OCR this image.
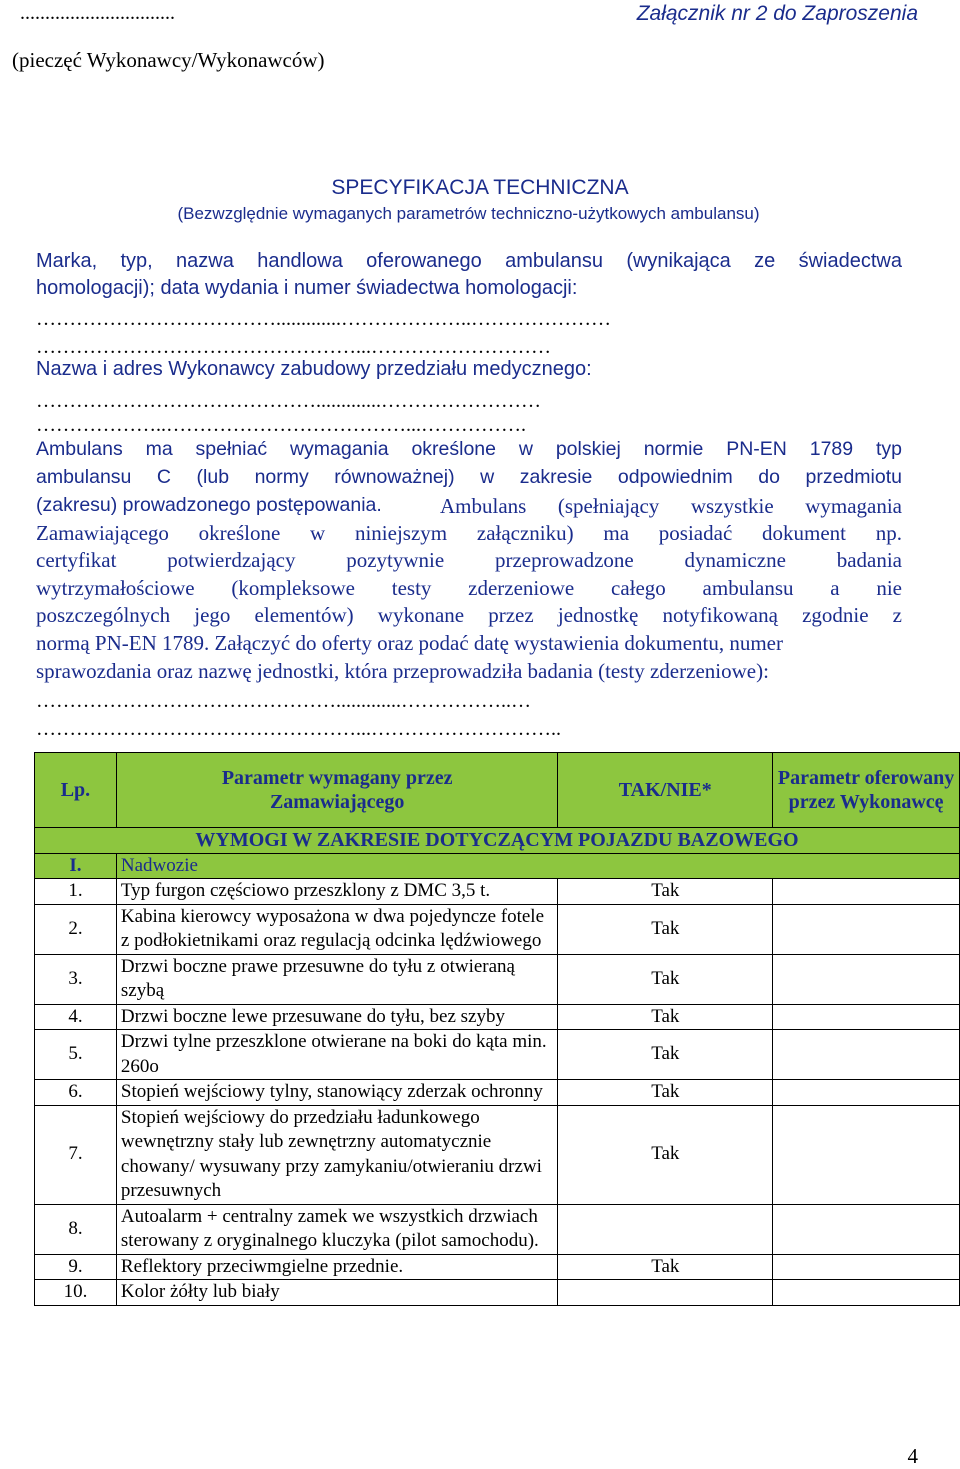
...............................
(pieczęć Wykonawcy/Wykonawców)
Załącznik nr 2 do Zaproszenia
SPECYFIKACJA TECHNICZNA
(Bezwzględnie wymaganych parametrów techniczno-użytkowych ambulansu)
Marka, typ, nazwa handlowa oferowanego ambulansu (wynikająca ze świadectwa
homologacji); data wydania i numer świadectwa homologacji:
……………………………….............………………..…………………
…………………………………………...………………………
Nazwa i adres Wykonawcy zabudowy przedziału medycznego:
…………………………………….............……………………
………………..………………………………...…………….
Ambulans ma spełniać wymagania określone w polskiej normie PN-EN 1789 typ
ambulansu C (lub normy równoważnej) w zakresie odpowiednim do przedmiotu
(zakresu) prowadzonego postępowania.	Ambulans (spełniający wszystkie wymagania
Zamawiającego określone w niniejszym załączniku) ma posiadać dokument np.
certyfikat potwierdzający pozytywnie przeprowadzone dynamiczne badania
wytrzymałościowe (kompleksowe testy zderzeniowe całego ambulansu a nie
poszczególnych jego elementów) wykonane przez jednostkę notyfikowaną zgodnie z
normą PN-EN 1789. Załączyć do oferty oraz podać datę wystawienia dokumentu, numer
sprawozdania oraz nazwę jednostki, która przeprowadziła badania (testy zderzeniowe):
……………………………………….............……………..…
…………………………………………...………………………..
Lp.	Parametr wymagany przez Zamawiającego	TAK/NIE*	Parametr oferowany przez Wykonawcę
WYMOGI W ZAKRESIE DOTYCZĄCYM POJAZDU BAZOWEGO			
I.	Nadwozie		
1.	Typ furgon częściowo przeszklony z DMC 3,5 t.	Tak	
2.	Kabina kierowcy wyposażona w dwa pojedyncze fotele z podłokietnikami oraz regulacją odcinka lędźwiowego	Tak	
3.	Drzwi boczne prawe przesuwne do tyłu z otwieraną szybą	Tak	
4.	Drzwi boczne lewe przesuwane do tyłu, bez szyby	Tak	
5.	Drzwi tylne przeszklone otwierane na boki do kąta min. 260o	Tak	
6.	Stopień wejściowy tylny, stanowiący zderzak ochronny	Tak	
7.	Stopień wejściowy do przedziału ładunkowego wewnętrzny stały lub zewnętrzny automatycznie chowany/ wysuwany przy zamykaniu/otwieraniu drzwi przesuwnych	Tak	
8.	Autoalarm + centralny zamek we wszystkich drzwiach sterowany z oryginalnego kluczyka (pilot samochodu).		
9.	Reflektory przeciwmgielne przednie.	Tak	
10.	Kolor żółty lub biały		
4
